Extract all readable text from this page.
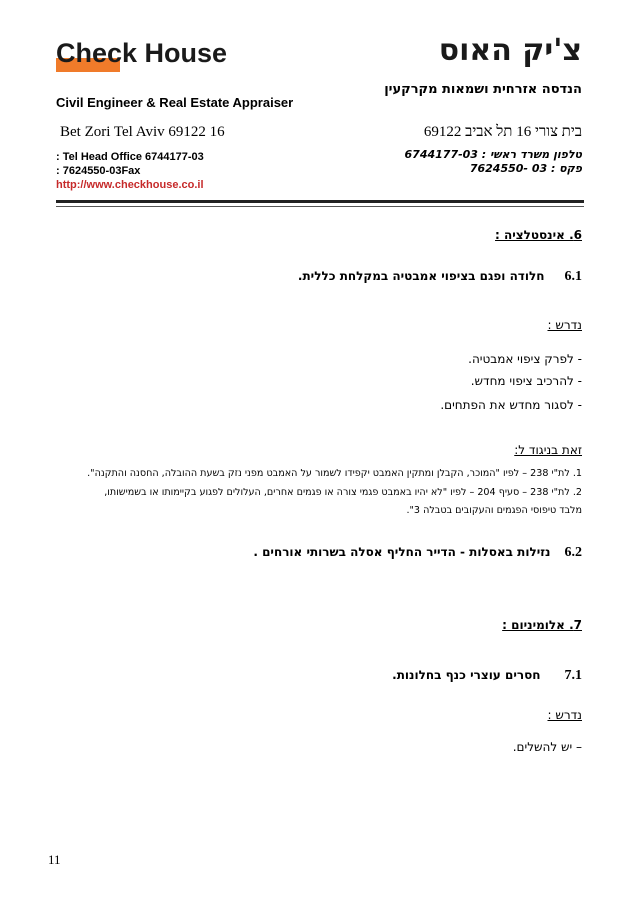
Check House	צ'יק האוס
Civil Engineer & Real Estate Appraiser
הנדסה אזרחית ושמאות מקרקעין
Bet Zori Tel Aviv 69122 16	בית צורי 16 תל אביב 69122
: Tel Head Office 6744177-03
: 7624550-03Fax
http://www.checkhouse.co.il
טלפון משרד ראשי : 6744177-03
פקס : 03 -7624550
6. אינסטלציה :
6.1  חלודה ופגם בציפוי אמבטיה במקלחת כללית.
נדרש :
- לפרק ציפוי אמבטיה.
- להרכיב ציפוי מחדש.
- לסגור מחדש את הפתחים.
זאת בניגוד ל:
1. לת"י 238 – לפיו "המוכר, הקבלן ומתקין האמבט יקפידו לשמור על האמבט מפני נזק בשעת ההובלה, החסנה והתקנה".
2. לת"י 238 – סעיף 204 – לפיו "לא יהיו באמבט פגמי צורה או פגמים אחרים, העלולים לפגוע בקיימותו או בשמישותו,
מלבד טיפוסי הפגמים והעקובים בטבלה 3".
6.2  נזילות באסלות - הדייר החליף אסלה בשרותי אורחים .
7. אלומיניום :
7.1  חסרים עוצרי כנף בחלונות.
נדרש :
– יש להשלים.
11
